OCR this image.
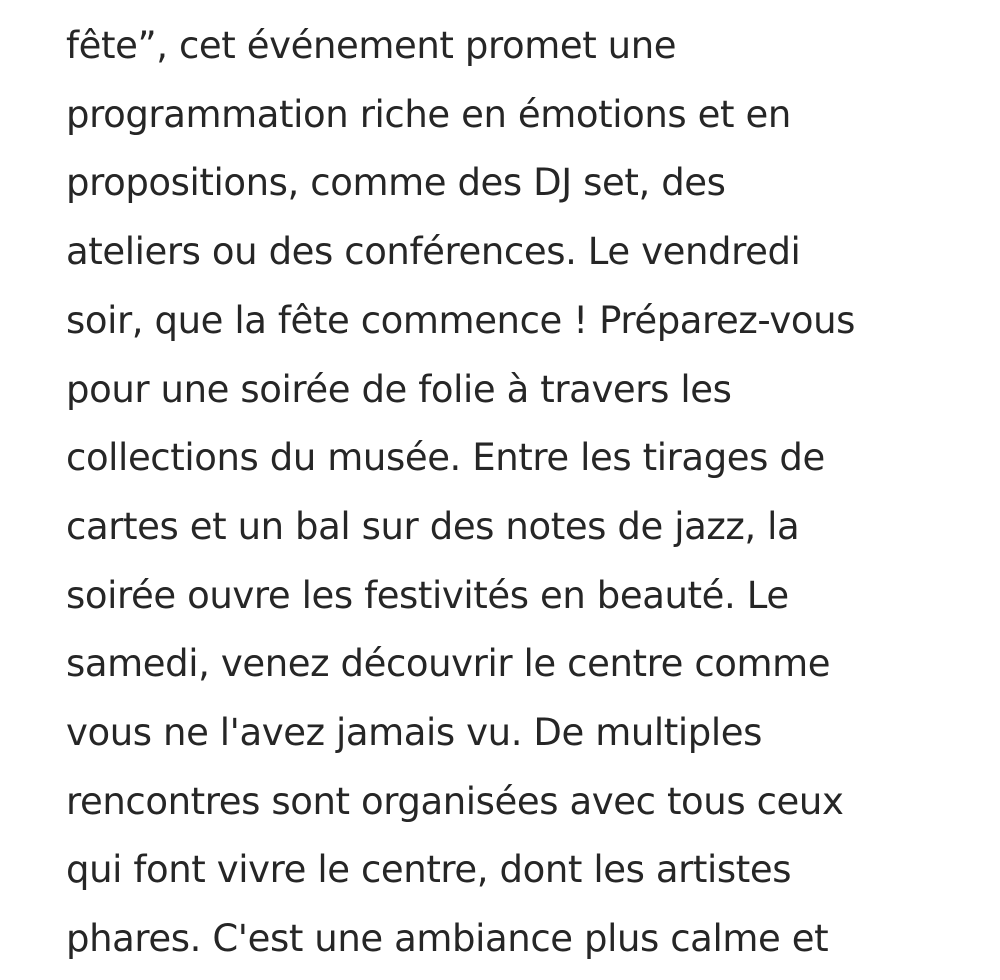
fête”, cet événement promet une
programmation riche en émotions et en
propositions, comme des DJ set, des
ateliers ou des conférences. Le vendredi
soir, que la fête commence ! Préparez-vous
pour une soirée de folie à travers les
collections du musée. Entre les tirages de
cartes et un bal sur des notes de jazz, la
soirée ouvre les festivités en beauté. Le
samedi, venez découvrir le centre comme
vous ne l'avez jamais vu. De multiples
rencontres sont organisées avec tous ceux
qui font vivre le centre, dont les artistes
phares. C'est une ambiance plus calme et
